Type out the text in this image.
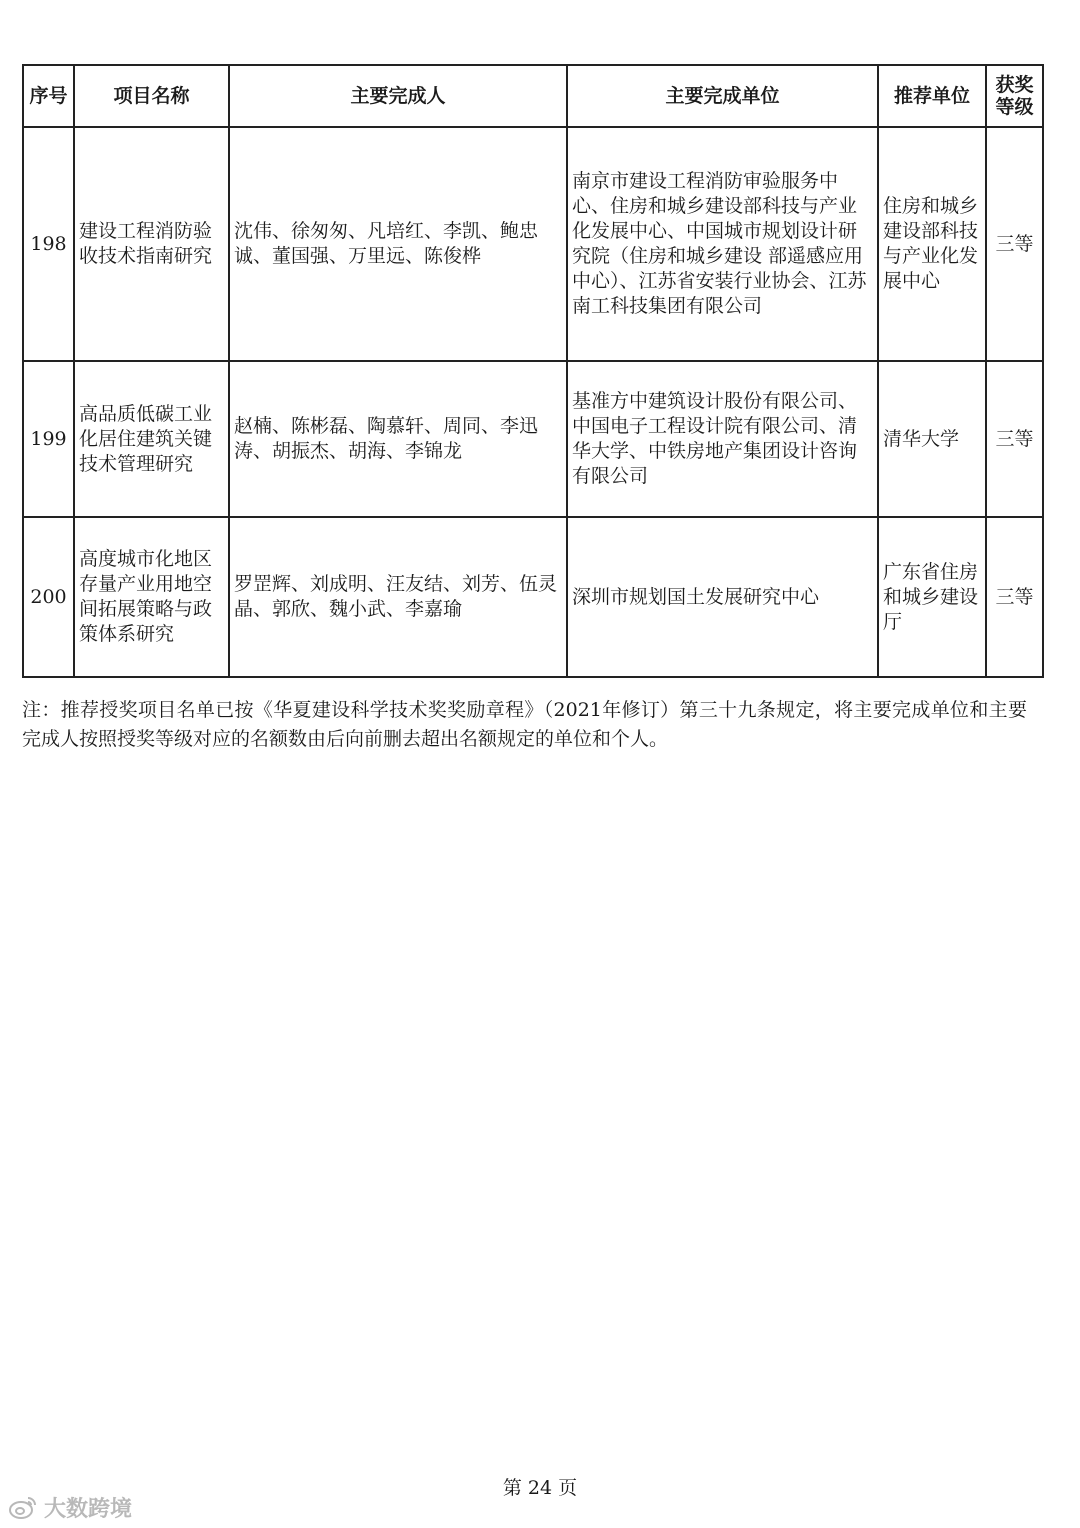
序号	项目名称	主要完成人	主要完成单位	推荐单位	获奖等级
198	建设工程消防验收技术指南研究	沈伟、徐匆匆、凡培红、李凯、鲍忠诚、董国强、万里远、陈俊桦	南京市建设工程消防审验服务中心、住房和城乡建设部科技与产业化发展中心、中国城市规划设计研究院（住房和城乡建设 部遥感应用中心）、江苏省安装行业协会、江苏南工科技集团有限公司	住房和城乡建设部科技与产业化发展中心	三等
199	高品质低碳工业化居住建筑关键技术管理研究	赵楠、陈彬磊、陶慕轩、周同、李迅涛、胡振杰、胡海、李锦龙	基准方中建筑设计股份有限公司、中国电子工程设计院有限公司、清华大学、中铁房地产集团设计咨询有限公司	清华大学	三等
200	高度城市化地区存量产业用地空间拓展策略与政策体系研究	罗罡辉、刘成明、汪友结、刘芳、伍灵晶、郭欣、魏小武、李嘉瑜	深圳市规划国土发展研究中心	广东省住房和城乡建设厅	三等
注：推荐授奖项目名单已按《华夏建设科学技术奖奖励章程》（2021年修订）第三十九条规定，将主要完成单位和主要完成人按照授奖等级对应的名额数由后向前删去超出名额规定的单位和个人。
第 24 页
大数跨境
